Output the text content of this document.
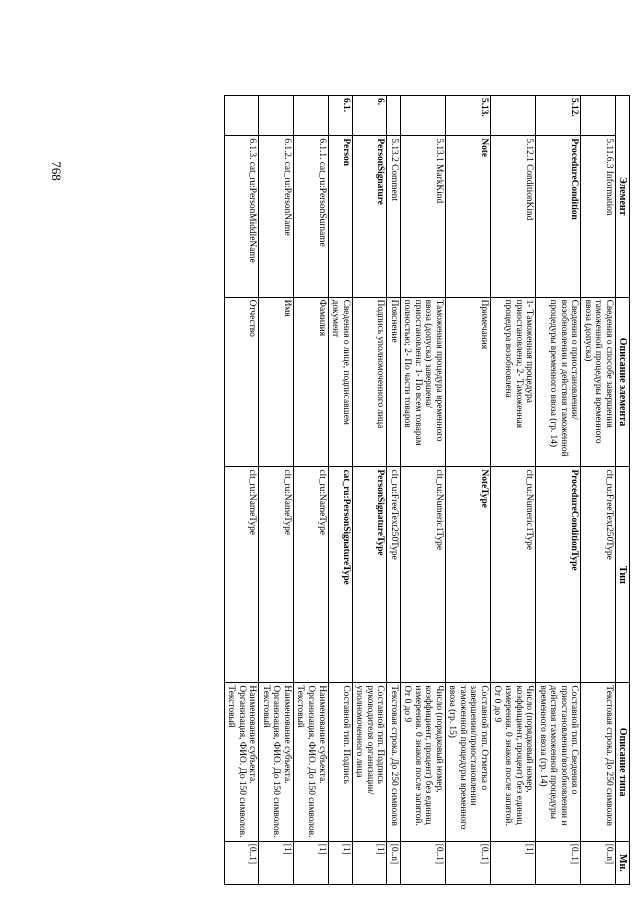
768
Элемент		Описание элемента	Тип	Описание типа	Мн.
	5.11.6.3 Information	Сведения о способе завершения таможенной процедуры временного ввоза (допуска)	clt_ru:FreeText250Type	Текстовая строка. До 250 символов	[0..n]
5.12.	ProcedureCondition	Сведения о приостановлении/возобновлении и действия таможенной процедуры временного ввоза (гр. 14)	ProcedureConditionType	Составной тип. Сведения о приостановлении/возобновлении и действия таможенной процедуры временного ввоза (гр. 14)	[0..1]
	5.12.1 ConditionKind	1- Таможенная процедура приостановлена; 2- Таможенная процедура возобновлена	clt_ru:Numeric1Type	Число (порядковый номер, коэффициент, процент) без единиц измерения. 0 знаков после запятой. От 0 до 9	[1]
5.13.	Note	Примечания	NoteType	Составной тип. Отметка о завершении/приостановлении таможенной процедуры временного ввоза (гр. 15)	[0..1]
	5.13.1 MarkKind	Таможенная процедура временного ввоза (допуска) завершена/приостановлена: 1- По всем товарам полностью; 2- По части товаров	clt_ru:Numeric1Type	Число (порядковый номер, коэффициент, процент) без единиц измерения. 0 знаков после запятой. От 0 до 9	[0..1]
	5.13.2 Comment	Пояснение	clt_ru:FreeText250Type	Текстовая строка. До 250 символов	[0..n]
6.	PersonSignature	Подпись уполномоченного лица	PersonSignatureType	Составной тип. Подпись руководителя организации/уполномоченного лица	[1]
6.1.	Person	Сведения о лице, подписавшем документ	cat_ru:PersonSignatureType	Составной тип. Подпись	[1]
	6.1.1. cat_ru:PersonSurname	Фамилия	clt_ru:NameType	Наименование субъекта. Организация, ФИО. До 150 символов. Текстовый	[1]
	6.1.2. cat_ru:PersonName	Имя	clt_ru:NameType	Наименование субъекта. Организация, ФИО. До 150 символов. Текстовый	[1]
	6.1.3. cat_ru:PersonMiddleName	Отчество	clt_ru:NameType	Наименование субъекта. Организация, ФИО. До 150 символов. Текстовый	[0..1]
